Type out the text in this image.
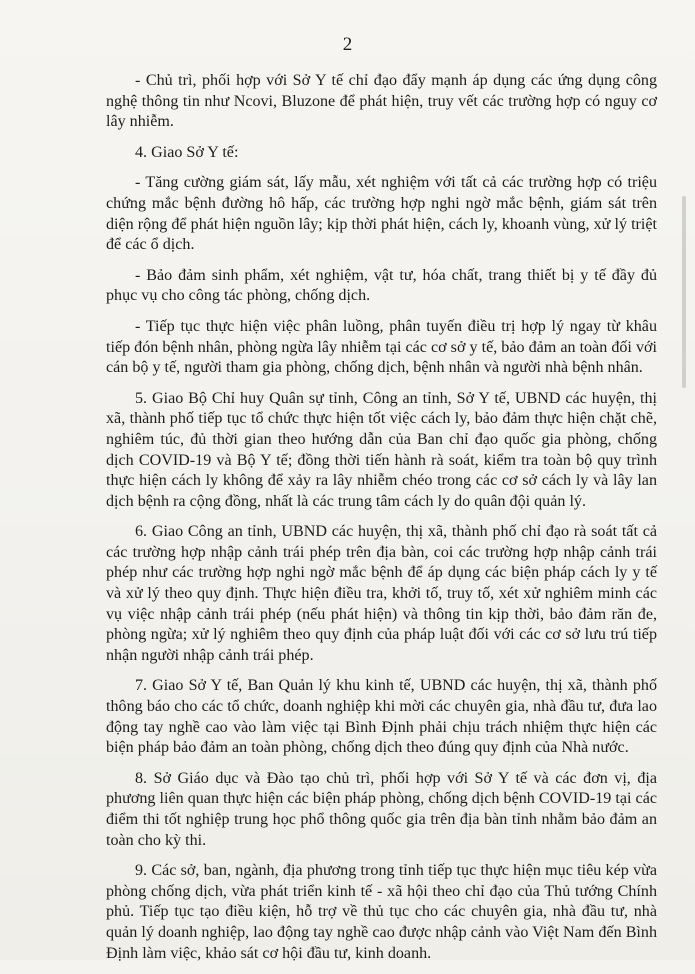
2

- Chủ trì, phối hợp với Sở Y tế chỉ đạo đẩy mạnh áp dụng các ứng dụng công nghệ thông tin như Ncovi, Bluzone để phát hiện, truy vết các trường hợp có nguy cơ lây nhiễm.

4. Giao Sở Y tế:

- Tăng cường giám sát, lấy mẫu, xét nghiệm với tất cả các trường hợp có triệu chứng mắc bệnh đường hô hấp, các trường hợp nghi ngờ mắc bệnh, giám sát trên diện rộng để phát hiện nguồn lây; kịp thời phát hiện, cách ly, khoanh vùng, xử lý triệt để các ổ dịch.

- Bảo đảm sinh phẩm, xét nghiệm, vật tư, hóa chất, trang thiết bị y tế đầy đủ phục vụ cho công tác phòng, chống dịch.

- Tiếp tục thực hiện việc phân luồng, phân tuyến điều trị hợp lý ngay từ khâu tiếp đón bệnh nhân, phòng ngừa lây nhiễm tại các cơ sở y tế, bảo đảm an toàn đối với cán bộ y tế, người tham gia phòng, chống dịch, bệnh nhân và người nhà bệnh nhân.

5. Giao Bộ Chỉ huy Quân sự tỉnh, Công an tỉnh, Sở Y tế, UBND các huyện, thị xã, thành phố tiếp tục tổ chức thực hiện tốt việc cách ly, bảo đảm thực hiện chặt chẽ, nghiêm túc, đủ thời gian theo hướng dẫn của Ban chỉ đạo quốc gia phòng, chống dịch COVID-19 và Bộ Y tế; đồng thời tiến hành rà soát, kiểm tra toàn bộ quy trình thực hiện cách ly không để xảy ra lây nhiễm chéo trong các cơ sở cách ly và lây lan dịch bệnh ra cộng đồng, nhất là các trung tâm cách ly do quân đội quản lý.

6. Giao Công an tỉnh, UBND các huyện, thị xã, thành phố chỉ đạo rà soát tất cả các trường hợp nhập cảnh trái phép trên địa bàn, coi các trường hợp nhập cảnh trái phép như các trường hợp nghi ngờ mắc bệnh để áp dụng các biện pháp cách ly y tế và xử lý theo quy định. Thực hiện điều tra, khởi tố, truy tố, xét xử nghiêm minh các vụ việc nhập cảnh trái phép (nếu phát hiện) và thông tin kịp thời, bảo đảm răn đe, phòng ngừa; xử lý nghiêm theo quy định của pháp luật đối với các cơ sở lưu trú tiếp nhận người nhập cảnh trái phép.

7. Giao Sở Y tế, Ban Quản lý khu kinh tế, UBND các huyện, thị xã, thành phố thông báo cho các tổ chức, doanh nghiệp khi mời các chuyên gia, nhà đầu tư, đưa lao động tay nghề cao vào làm việc tại Bình Định phải chịu trách nhiệm thực hiện các biện pháp bảo đảm an toàn phòng, chống dịch theo đúng quy định của Nhà nước.

8. Sở Giáo dục và Đào tạo chủ trì, phối hợp với Sở Y tế và các đơn vị, địa phương liên quan thực hiện các biện pháp phòng, chống dịch bệnh COVID-19 tại các điểm thi tốt nghiệp trung học phổ thông quốc gia trên địa bàn tỉnh nhằm bảo đảm an toàn cho kỳ thi.

9. Các sở, ban, ngành, địa phương trong tỉnh tiếp tục thực hiện mục tiêu kép vừa phòng chống dịch, vừa phát triển kinh tế - xã hội theo chỉ đạo của Thủ tướng Chính phủ. Tiếp tục tạo điều kiện, hỗ trợ về thủ tục cho các chuyên gia, nhà đầu tư, nhà quản lý doanh nghiệp, lao động tay nghề cao được nhập cảnh vào Việt Nam đến Bình Định làm việc, khảo sát cơ hội đầu tư, kinh doanh.
